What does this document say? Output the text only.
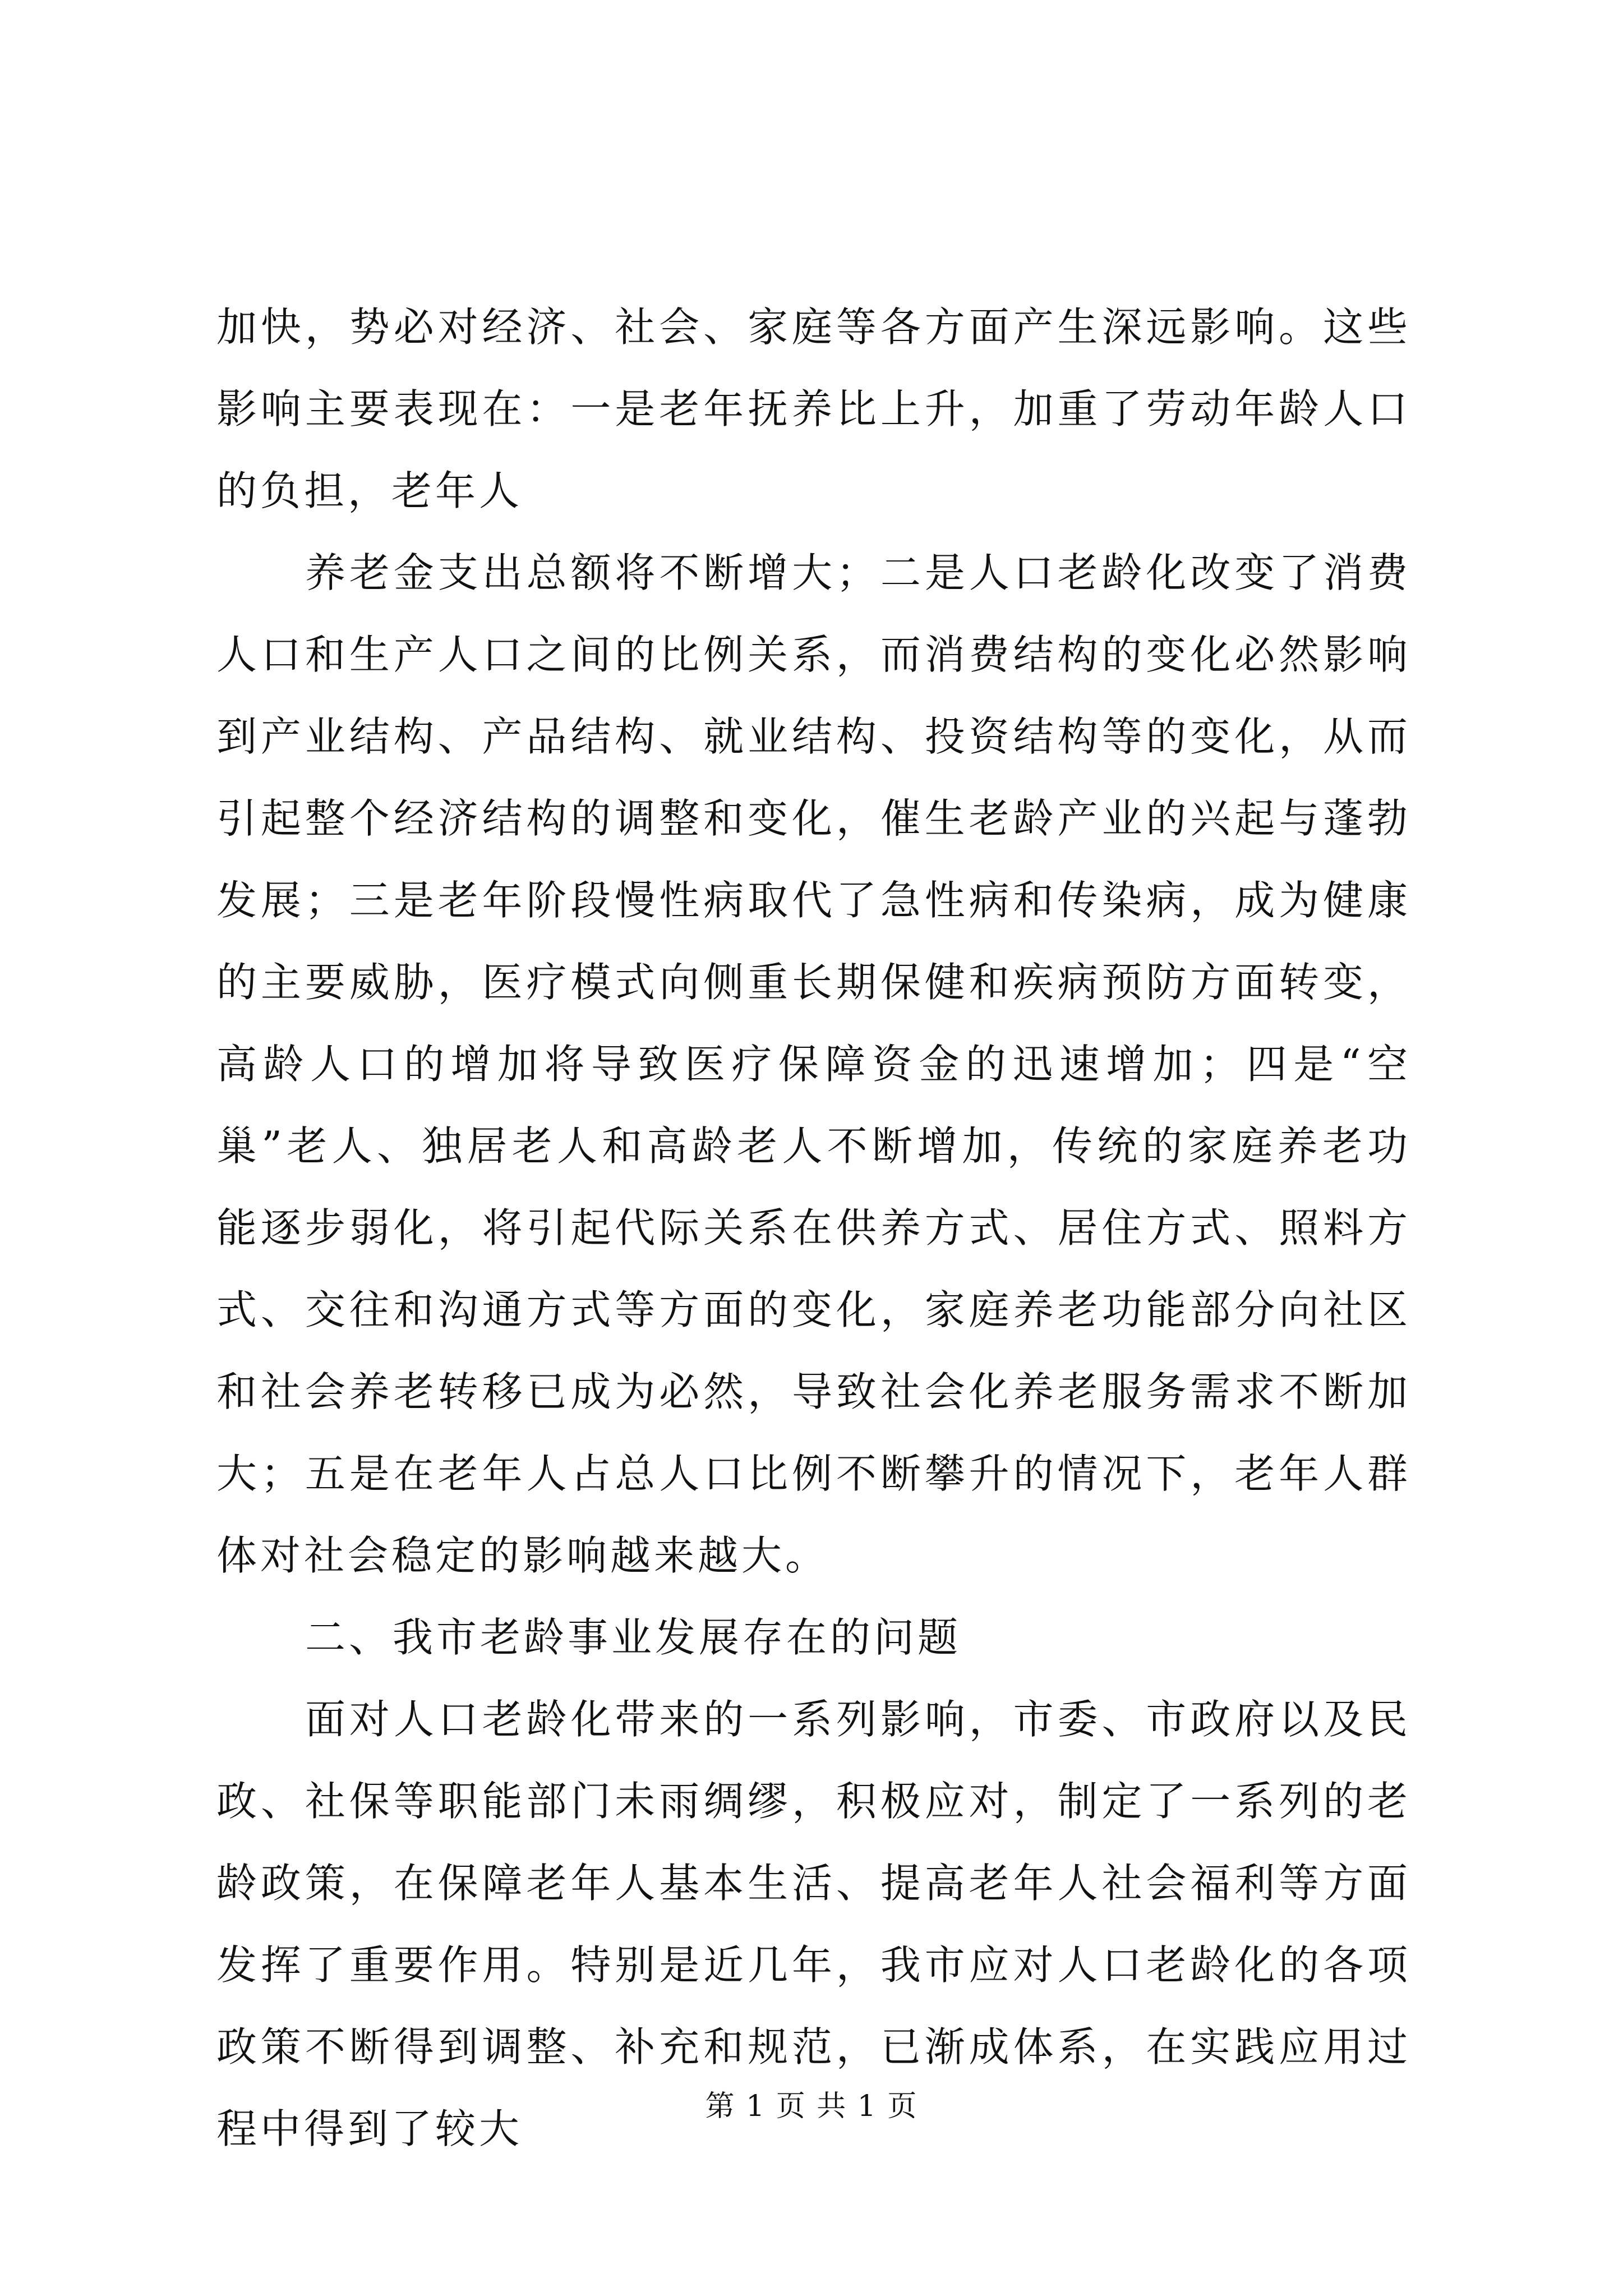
加快，势必对经济、社会、家庭等各方面产生深远影响。这些影响主要表现在：一是老年抚养比上升，加重了劳动年龄人口的负担，老年人

养老金支出总额将不断增大；二是人口老龄化改变了消费人口和生产人口之间的比例关系，而消费结构的变化必然影响到产业结构、产品结构、就业结构、投资结构等的变化，从而引起整个经济结构的调整和变化，催生老龄产业的兴起与蓬勃发展；三是老年阶段慢性病取代了急性病和传染病，成为健康的主要威胁，医疗模式向侧重长期保健和疾病预防方面转变，高龄人口的增加将导致医疗保障资金的迅速增加；四是“空巢”老人、独居老人和高龄老人不断增加，传统的家庭养老功能逐步弱化，将引起代际关系在供养方式、居住方式、照料方式、交往和沟通方式等方面的变化，家庭养老功能部分向社区和社会养老转移已成为必然，导致社会化养老服务需求不断加大；五是在老年人占总人口比例不断攀升的情况下，老年人群体对社会稳定的影响越来越大。

二、我市老龄事业发展存在的问题

面对人口老龄化带来的一系列影响，市委、市政府以及民政、社保等职能部门未雨绸缪，积极应对，制定了一系列的老龄政策，在保障老年人基本生活、提高老年人社会福利等方面发挥了重要作用。特别是近几年，我市应对人口老龄化的各项政策不断得到调整、补充和规范，已渐成体系，在实践应用过程中得到了较大	第 1 页 共 1 页
